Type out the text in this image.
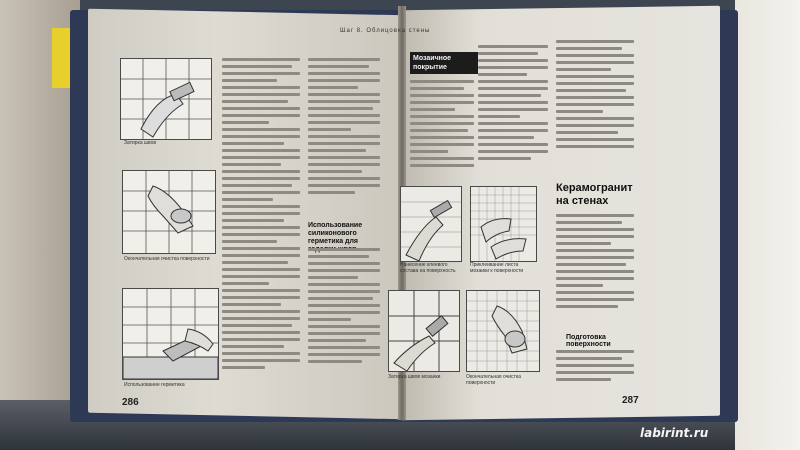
Шаг 8. Облицовка стены
Затирка швов
Окончательная очистка поверхности
Использование герметика
Использование силиконового герметика для
286
Мозаичное покрытие
Нанесение клеевого состава на поверхность
Приклеивание листа мозаики к поверхности
Затирка швов мозаики	Окончательная очистка поверхности
Керамогранит на стенах
Подготовка поверхности
287
labirint.ru
